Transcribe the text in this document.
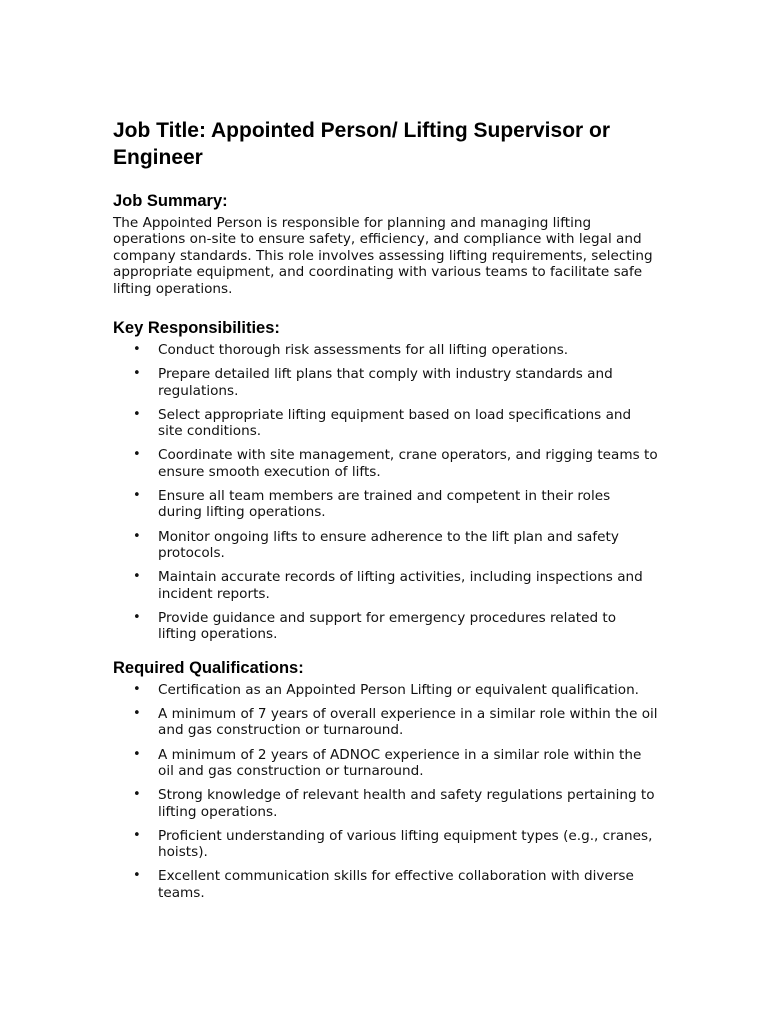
Job Title: Appointed Person/ Lifting Supervisor or Engineer
Job Summary:

The Appointed Person is responsible for planning and managing lifting operations on-site to ensure safety, efficiency, and compliance with legal and company standards. This role involves assessing lifting requirements, selecting appropriate equipment, and coordinating with various teams to facilitate safe lifting operations.

Key Responsibilities:
• Conduct thorough risk assessments for all lifting operations.
• Prepare detailed lift plans that comply with industry standards and regulations.
• Select appropriate lifting equipment based on load specifications and site conditions.
• Coordinate with site management, crane operators, and rigging teams to ensure smooth execution of lifts.
• Ensure all team members are trained and competent in their roles during lifting operations.
• Monitor ongoing lifts to ensure adherence to the lift plan and safety protocols.
• Maintain accurate records of lifting activities, including inspections and incident reports.
• Provide guidance and support for emergency procedures related to lifting operations.
Required Qualifications:
• Certification as an Appointed Person Lifting or equivalent qualification.
• A minimum of 7 years of overall experience in a similar role within the oil and gas construction or turnaround.
• A minimum of 2 years of ADNOC experience in a similar role within the oil and gas construction or turnaround.
• Strong knowledge of relevant health and safety regulations pertaining to lifting operations.
• Proficient understanding of various lifting equipment types (e.g., cranes, hoists).
• Excellent communication skills for effective collaboration with diverse teams.
